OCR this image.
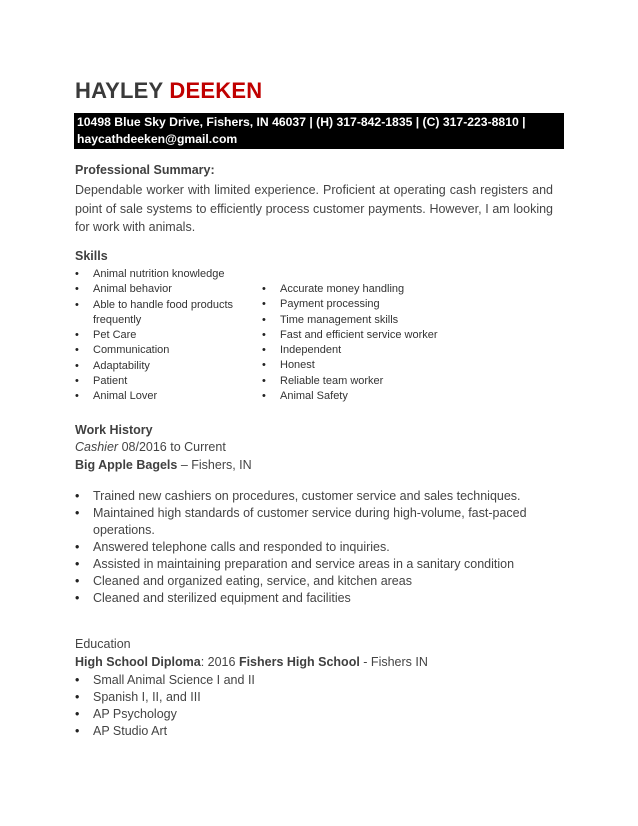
HAYLEY DEEKEN
10498 Blue Sky Drive, Fishers, IN 46037 | (H) 317-842-1835 | (C) 317-223-8810 | haycathdeeken@gmail.com
Professional Summary:
Dependable worker with limited experience. Proficient at operating cash registers and point of sale systems to efficiently process customer payments. However, I am looking for work with animals.
Skills
• Animal nutrition knowledge
• Animal behavior
• Able to handle food products frequently
• Pet Care
• Communication
• Adaptability
• Patient
• Animal Lover
• Accurate money handling
• Payment processing
• Time management skills
• Fast and efficient service worker
• Independent
• Honest
• Reliable team worker
• Animal Safety
Work History
Cashier 08/2016 to Current
Big Apple Bagels – Fishers, IN
• Trained new cashiers on procedures, customer service and sales techniques.
• Maintained high standards of customer service during high-volume, fast-paced operations.
• Answered telephone calls and responded to inquiries.
• Assisted in maintaining preparation and service areas in a sanitary condition
• Cleaned and organized eating, service, and kitchen areas
• Cleaned and sterilized equipment and facilities
Education
High School Diploma: 2016 Fishers High School - Fishers IN
• Small Animal Science I and II
• Spanish I, II, and III
• AP Psychology
• AP Studio Art
